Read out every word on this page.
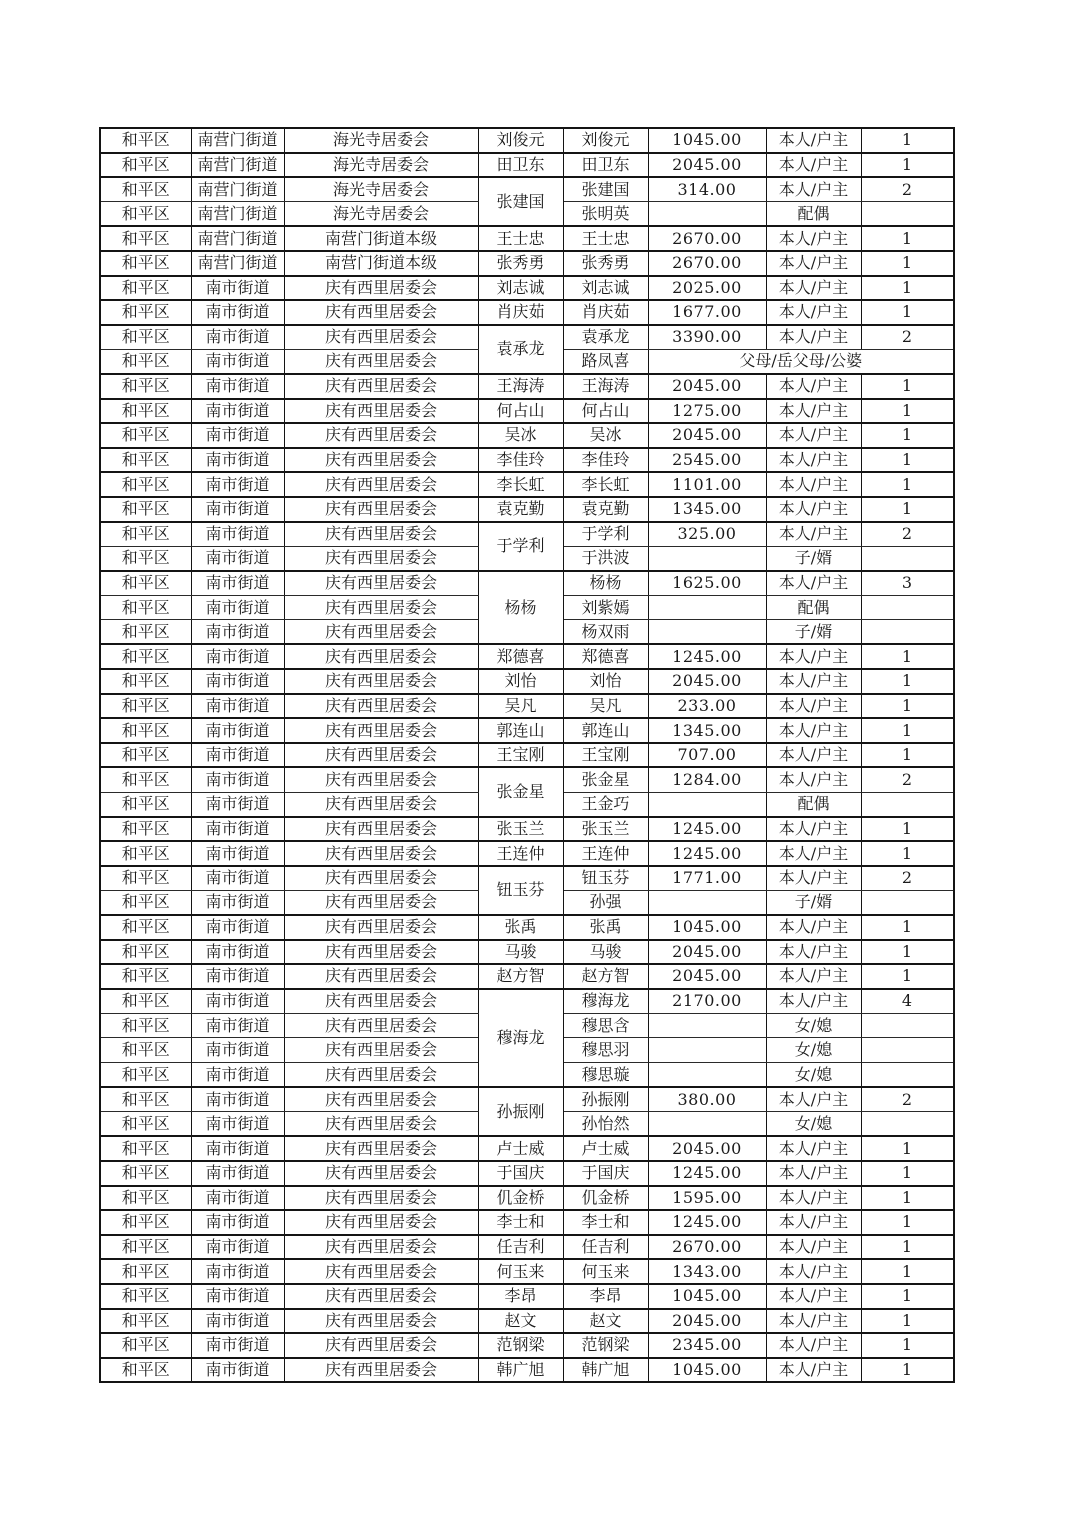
和平区	南营门街道	海光寺居委会	刘俊元	刘俊元	1045.00	本人/户主	1
和平区	南营门街道	海光寺居委会	田卫东	田卫东	2045.00	本人/户主	1
和平区	南营门街道	海光寺居委会	张建国	张建国	314.00	本人/户主	2
和平区	南营门街道	海光寺居委会		张明英		配偶	
和平区	南营门街道	南营门街道本级	王士忠	王士忠	2670.00	本人/户主	1
和平区	南营门街道	南营门街道本级	张秀勇	张秀勇	2670.00	本人/户主	1
和平区	南市街道	庆有西里居委会	刘志诚	刘志诚	2025.00	本人/户主	1
和平区	南市街道	庆有西里居委会	肖庆茹	肖庆茹	1677.00	本人/户主	1
和平区	南市街道	庆有西里居委会	袁承龙	袁承龙	3390.00	本人/户主	2
和平区	南市街道	庆有西里居委会		路凤喜	父母/岳父母/公婆		
和平区	南市街道	庆有西里居委会	王海涛	王海涛	2045.00	本人/户主	1
和平区	南市街道	庆有西里居委会	何占山	何占山	1275.00	本人/户主	1
和平区	南市街道	庆有西里居委会	吴冰	吴冰	2045.00	本人/户主	1
和平区	南市街道	庆有西里居委会	李佳玲	李佳玲	2545.00	本人/户主	1
和平区	南市街道	庆有西里居委会	李长虹	李长虹	1101.00	本人/户主	1
和平区	南市街道	庆有西里居委会	袁克勤	袁克勤	1345.00	本人/户主	1
和平区	南市街道	庆有西里居委会	于学利	于学利	325.00	本人/户主	2
和平区	南市街道	庆有西里居委会		于洪波		子/婿	
和平区	南市街道	庆有西里居委会	杨杨	杨杨	1625.00	本人/户主	3
和平区	南市街道	庆有西里居委会		刘紫嫣		配偶	
和平区	南市街道	庆有西里居委会		杨双雨		子/婿	
和平区	南市街道	庆有西里居委会	郑德喜	郑德喜	1245.00	本人/户主	1
和平区	南市街道	庆有西里居委会	刘怡	刘怡	2045.00	本人/户主	1
和平区	南市街道	庆有西里居委会	吴凡	吴凡	233.00	本人/户主	1
和平区	南市街道	庆有西里居委会	郭连山	郭连山	1345.00	本人/户主	1
和平区	南市街道	庆有西里居委会	王宝刚	王宝刚	707.00	本人/户主	1
和平区	南市街道	庆有西里居委会	张金星	张金星	1284.00	本人/户主	2
和平区	南市街道	庆有西里居委会		王金巧		配偶	
和平区	南市街道	庆有西里居委会	张玉兰	张玉兰	1245.00	本人/户主	1
和平区	南市街道	庆有西里居委会	王连仲	王连仲	1245.00	本人/户主	1
和平区	南市街道	庆有西里居委会	钮玉芬	钮玉芬	1771.00	本人/户主	2
和平区	南市街道	庆有西里居委会		孙强		子/婿	
和平区	南市街道	庆有西里居委会	张禹	张禹	1045.00	本人/户主	1
和平区	南市街道	庆有西里居委会	马骏	马骏	2045.00	本人/户主	1
和平区	南市街道	庆有西里居委会	赵方智	赵方智	2045.00	本人/户主	1
和平区	南市街道	庆有西里居委会	穆海龙	穆海龙	2170.00	本人/户主	4
和平区	南市街道	庆有西里居委会		穆思含		女/媳	
和平区	南市街道	庆有西里居委会		穆思羽		女/媳	
和平区	南市街道	庆有西里居委会		穆思璇		女/媳	
和平区	南市街道	庆有西里居委会	孙振刚	孙振刚	380.00	本人/户主	2
和平区	南市街道	庆有西里居委会		孙怡然		女/媳	
和平区	南市街道	庆有西里居委会	卢士威	卢士威	2045.00	本人/户主	1
和平区	南市街道	庆有西里居委会	于国庆	于国庆	1245.00	本人/户主	1
和平区	南市街道	庆有西里居委会	仉金桥	仉金桥	1595.00	本人/户主	1
和平区	南市街道	庆有西里居委会	李士和	李士和	1245.00	本人/户主	1
和平区	南市街道	庆有西里居委会	任吉利	任吉利	2670.00	本人/户主	1
和平区	南市街道	庆有西里居委会	何玉来	何玉来	1343.00	本人/户主	1
和平区	南市街道	庆有西里居委会	李昂	李昂	1045.00	本人/户主	1
和平区	南市街道	庆有西里居委会	赵文	赵文	2045.00	本人/户主	1
和平区	南市街道	庆有西里居委会	范钢梁	范钢梁	2345.00	本人/户主	1
和平区	南市街道	庆有西里居委会	韩广旭	韩广旭	1045.00	本人/户主	1
